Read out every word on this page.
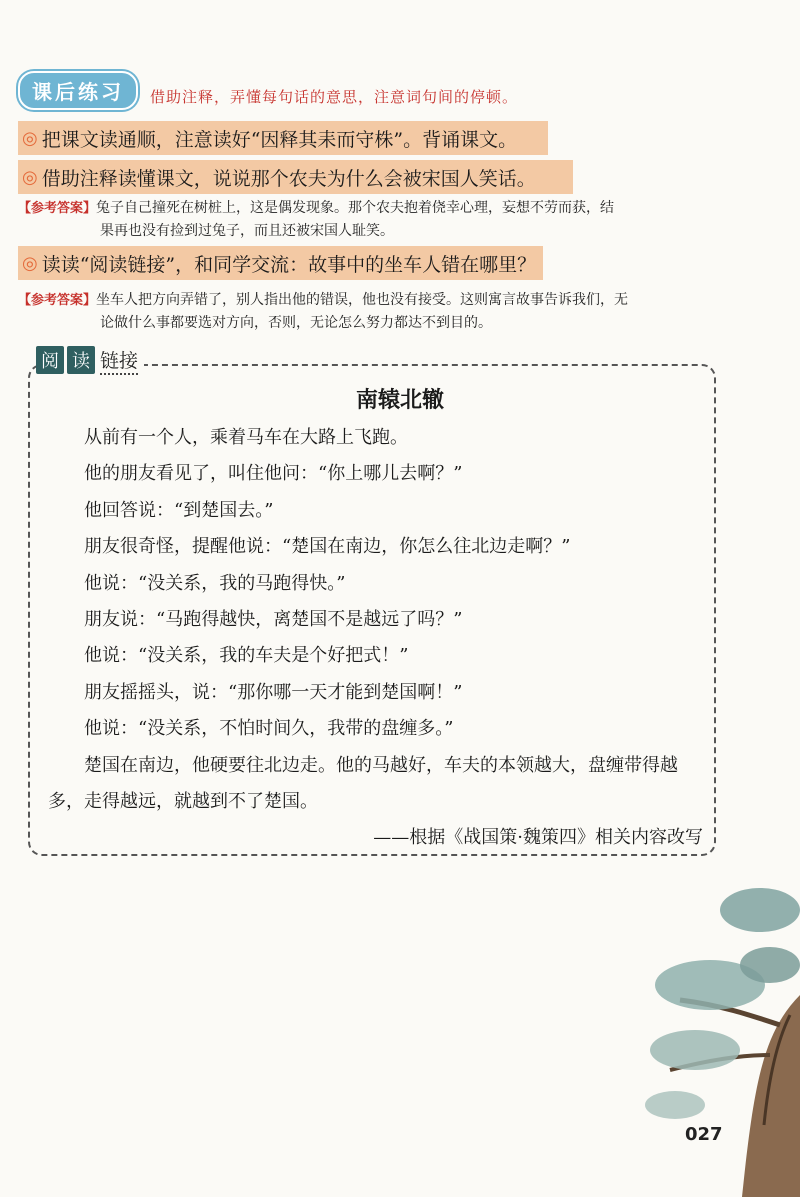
课后练习	借助注释，弄懂每句话的意思，注意词句间的停顿。
◎ 把课文读通顺，注意读好“因释其耒而守株”。背诵课文。
◎ 借助注释读懂课文，说说那个农夫为什么会被宋国人笑话。
【参考答案】兔子自己撞死在树桩上，这是偶发现象。那个农夫抱着侥幸心理，妄想不劳而获，结
果再也没有捡到过兔子，而且还被宋国人耻笑。
◎ 读读“阅读链接”，和同学交流：故事中的坐车人错在哪里？
【参考答案】坐车人把方向弄错了，别人指出他的错误，他也没有接受。这则寓言故事告诉我们，无
论做什么事都要选对方向，否则，无论怎么努力都达不到目的。
阅 读 链接
南辕北辙

从前有一个人，乘着马车在大路上飞跑。

他的朋友看见了，叫住他问：“你上哪儿去啊？”

他回答说：“到楚国去。”

朋友很奇怪，提醒他说：“楚国在南边，你怎么往北边走啊？”

他说：“没关系，我的马跑得快。”

朋友说：“马跑得越快，离楚国不是越远了吗？”

他说：“没关系，我的车夫是个好把式！”

朋友摇摇头，说：“那你哪一天才能到楚国啊！”

他说：“没关系，不怕时间久，我带的盘缠多。”

楚国在南边，他硬要往北边走。他的马越好，车夫的本领越大，盘缠带得越多，走得越远，就越到不了楚国。

——根据《战国策·魏策四》相关内容改写

027
